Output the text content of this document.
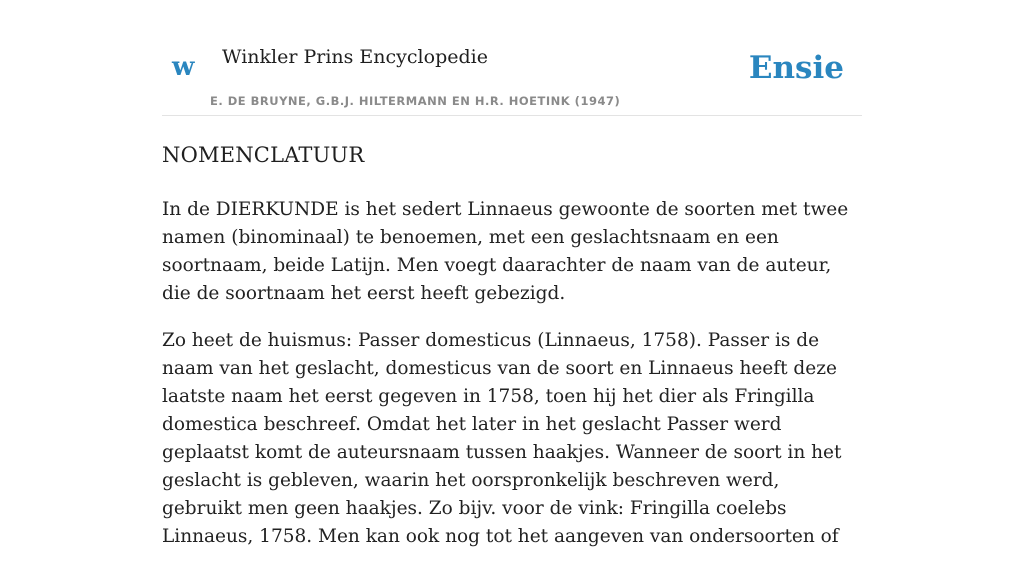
w Winkler Prins Encyclopedie
E. DE BRUYNE, G.B.J. HILTERMANN EN H.R. HOETINK (1947)
Ensie
NOMENCLATUUR

In de DIERKUNDE is het sedert Linnaeus gewoonte de soorten met twee namen (binominaal) te benoemen, met een geslachtsnaam en een soortnaam, beide Latijn. Men voegt daarachter de naam van de auteur, die de soortnaam het eerst heeft gebezigd.

Zo heet de huismus: Passer domesticus (Linnaeus, 1758). Passer is de naam van het geslacht, domesticus van de soort en Linnaeus heeft deze laatste naam het eerst gegeven in 1758, toen hij het dier als Fringilla domestica beschreef. Omdat het later in het geslacht Passer werd geplaatst komt de auteursnaam tussen haakjes. Wanneer de soort in het geslacht is gebleven, waarin het oorspronkelijk beschreven werd, gebruikt men geen haakjes. Zo bijv. voor de vink: Fringilla coelebs Linnaeus, 1758. Men kan ook nog tot het aangeven van ondersoorten of
